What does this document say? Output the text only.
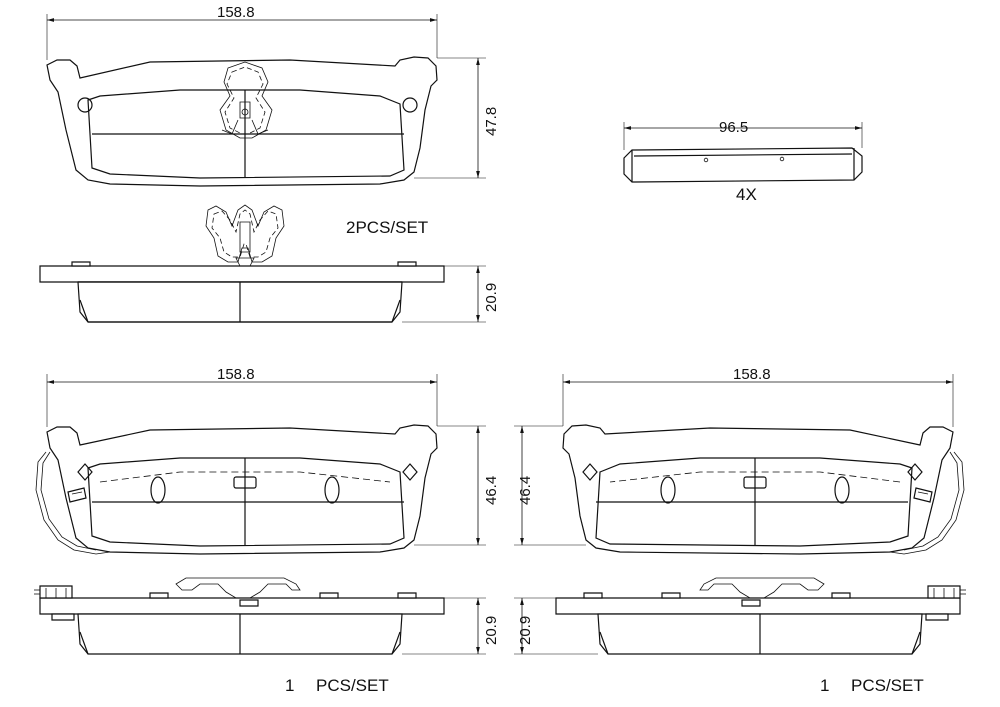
158.8
47.8
2PCS/SET
20.9
96.5
4X
158.8
46.4
20.9
158.8
46.4
20.9
1 PCS/SET	1 PCS/SET
